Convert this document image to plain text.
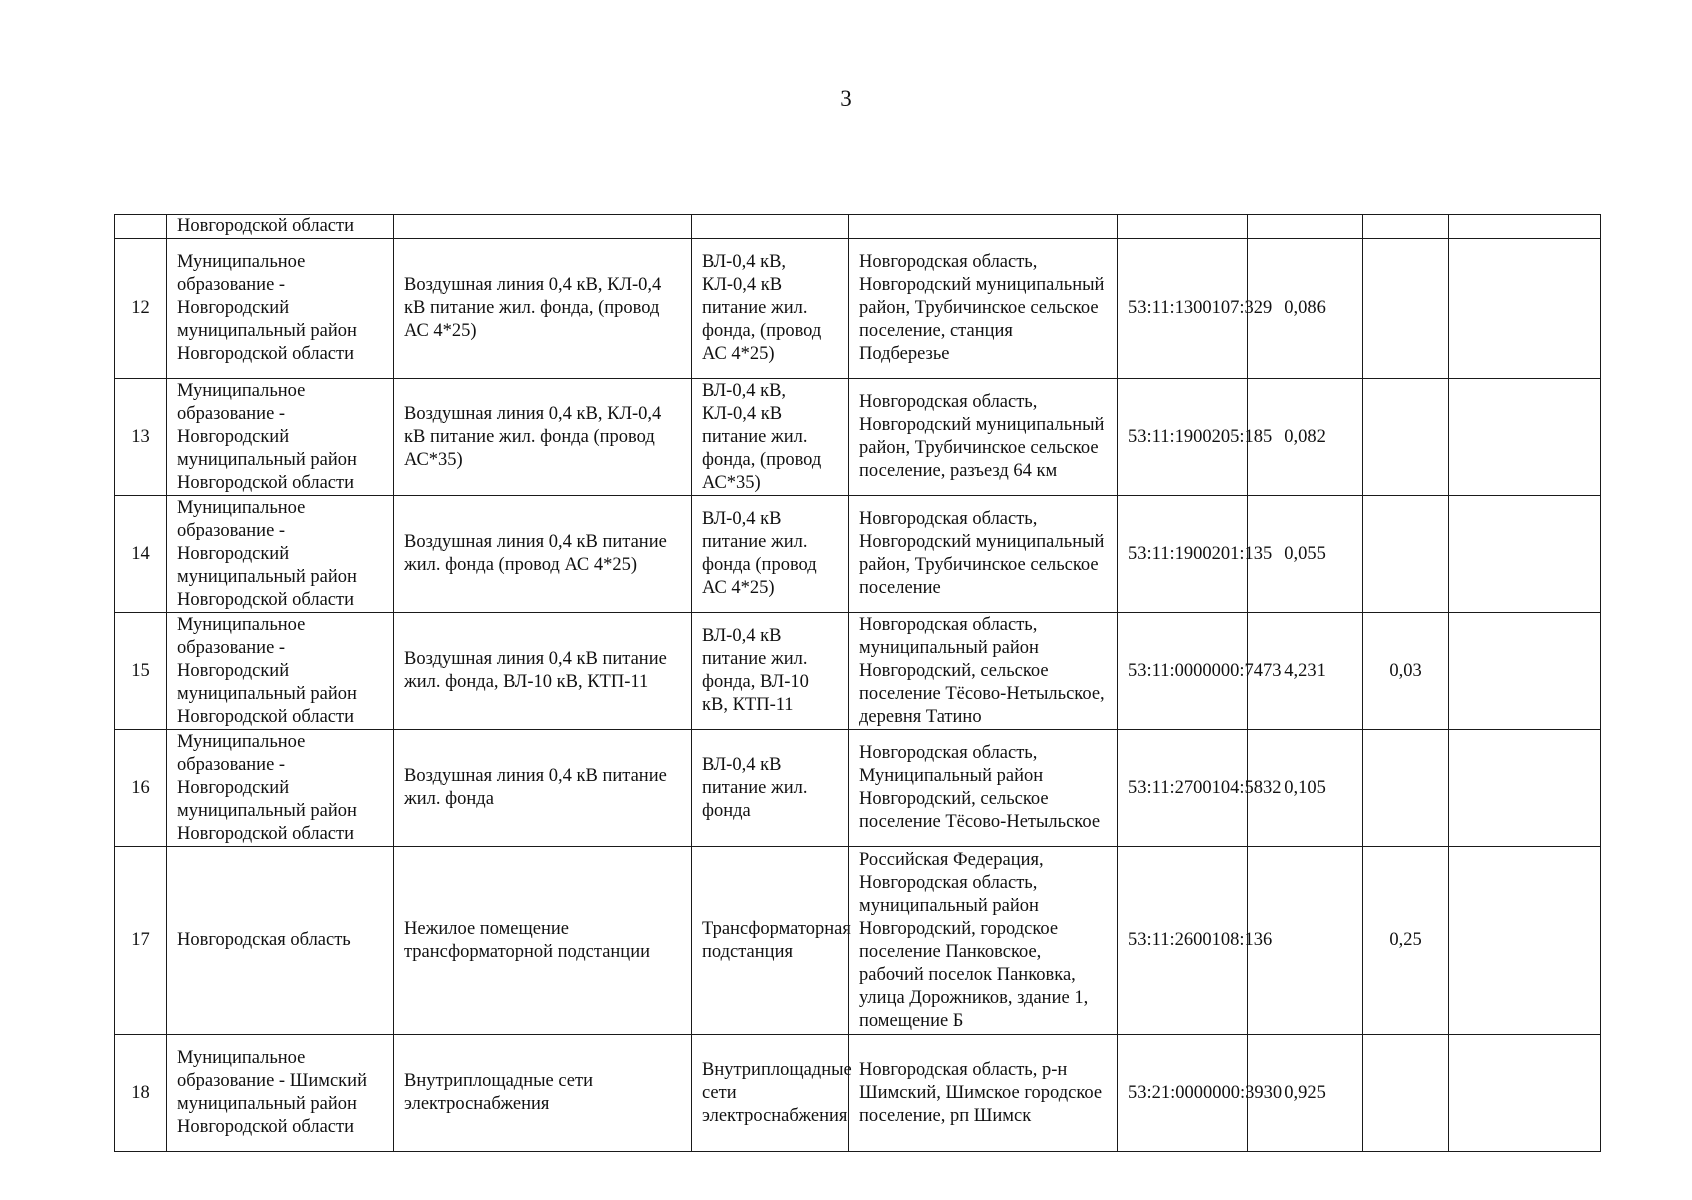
3
	Новгородской области							
12	Муниципальное образование - Новгородский муниципальный район Новгородской области	Воздушная линия 0,4 кВ, КЛ-0,4 кВ питание жил. фонда, (провод АС 4*25)	ВЛ-0,4 кВ, КЛ-0,4 кВ питание жил. фонда, (провод АС 4*25)	Новгородская область, Новгородский муниципальный район, Трубичинское сельское поселение, станция Подберезье	53:11:1300107:329	0,086		
13	Муниципальное образование - Новгородский муниципальный район Новгородской области	Воздушная линия 0,4 кВ, КЛ-0,4 кВ питание жил. фонда (провод АС*35)	ВЛ-0,4 кВ, КЛ-0,4 кВ питание жил. фонда, (провод АС*35)	Новгородская область, Новгородский муниципальный район, Трубичинское сельское поселение, разъезд 64 км	53:11:1900205:185	0,082		
14	Муниципальное образование - Новгородский муниципальный район Новгородской области	Воздушная линия 0,4 кВ питание жил. фонда (провод АС 4*25)	ВЛ-0,4 кВ питание жил. фонда (провод АС 4*25)	Новгородская область, Новгородский муниципальный район, Трубичинское сельское поселение	53:11:1900201:135	0,055		
15	Муниципальное образование - Новгородский муниципальный район Новгородской области	Воздушная линия 0,4 кВ питание жил. фонда, ВЛ-10 кВ, КТП-11	ВЛ-0,4 кВ питание жил. фонда, ВЛ-10 кВ, КТП-11	Новгородская область, муниципальный район Новгородский, сельское поселение Тёсово-Нетыльское, деревня Татино	53:11:0000000:7473	4,231	0,03	
16	Муниципальное образование - Новгородский муниципальный район Новгородской области	Воздушная линия 0,4 кВ питание жил. фонда	ВЛ-0,4 кВ питание жил. фонда	Новгородская область, Муниципальный район Новгородский, сельское поселение Тёсово-Нетыльское	53:11:2700104:5832	0,105		
17	Новгородская область	Нежилое помещение трансформаторной подстанции	Трансформаторная подстанция	Российская Федерация, Новгородская область, муниципальный район Новгородский, городское поселение Панковское, рабочий поселок Панковка, улица Дорожников, здание 1, помещение Б	53:11:2600108:136		0,25	
18	Муниципальное образование - Шимский муниципальный район Новгородской области	Внутриплощадные сети электроснабжения	Внутриплощадные сети электроснабжения	Новгородская область, р-н Шимский, Шимское городское поселение, рп Шимск	53:21:0000000:3930	0,925		
